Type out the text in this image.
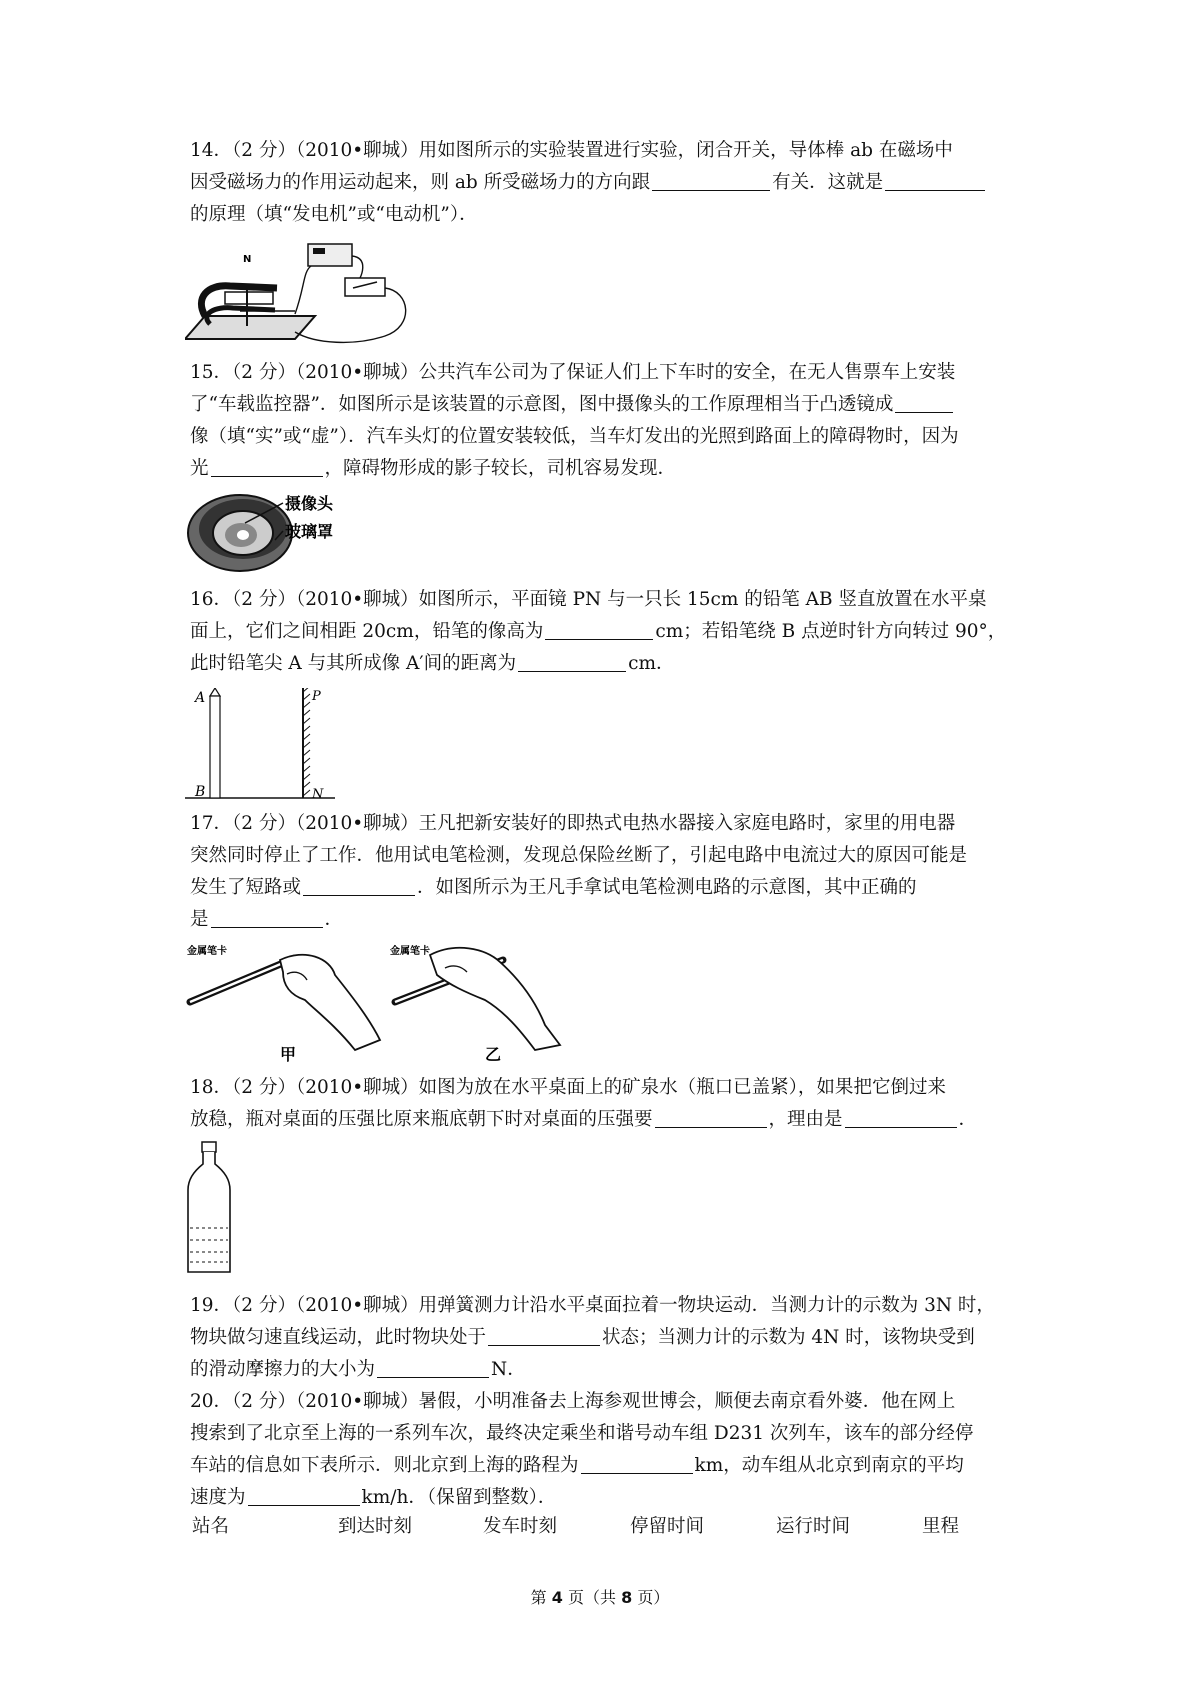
14．（2 分）（2010•聊城）用如图所示的实验装置进行实验，闭合开关，导体棒 ab 在磁场中
因受磁场力的作用运动起来，则 ab 所受磁场力的方向跟	有关．这就是
的原理（填“发电机”或“电动机”）．
N
15．（2 分）（2010•聊城）公共汽车公司为了保证人们上下车时的安全，在无人售票车上安装
了“车载监控器”．如图所示是该装置的示意图，图中摄像头的工作原理相当于凸透镜成
像（填“实”或“虚”）．汽车头灯的位置安装较低，当车灯发出的光照到路面上的障碍物时，因为
光	，障碍物形成的影子较长，司机容易发现．
摄像头
玻璃罩
16．（2 分）（2010•聊城）如图所示，平面镜 PN 与一只长 15cm 的铅笔 AB 竖直放置在水平桌
面上，它们之间相距 20cm，铅笔的像高为	cm；若铅笔绕 B 点逆时针方向转过 90°，
此时铅笔尖 A 与其所成像 A′间的距离为	cm．
A
B
P
N
17．（2 分）（2010•聊城）王凡把新安装好的即热式电热水器接入家庭电路时，家里的用电器
突然同时停止了工作．他用试电笔检测，发现总保险丝断了，引起电路中电流过大的原因可能是
发生了短路或	．如图所示为王凡手拿试电笔检测电路的示意图，其中正确的
是	．
金属笔卡
甲
金属笔卡
乙
18．（2 分）（2010•聊城）如图为放在水平桌面上的矿泉水（瓶口已盖紧），如果把它倒过来
放稳，瓶对桌面的压强比原来瓶底朝下时对桌面的压强要	，理由是	．
19．（2 分）（2010•聊城）用弹簧测力计沿水平桌面拉着一物块运动．当测力计的示数为 3N 时，
物块做匀速直线运动，此时物块处于	状态；当测力计的示数为 4N 时，该物块受到
的滑动摩擦力的大小为	N．
20．（2 分）（2010•聊城）暑假，小明准备去上海参观世博会，顺便去南京看外婆．他在网上
搜索到了北京至上海的一系列车次，最终决定乘坐和谐号动车组 D231 次列车，该车的部分经停
车站的信息如下表所示．则北京到上海的路程为	km，动车组从北京到南京的平均
速度为	km/h．（保留到整数）．
站名	到达时刻	发车时刻	停留时间	运行时间	里程
第 4 页（共 8 页）
